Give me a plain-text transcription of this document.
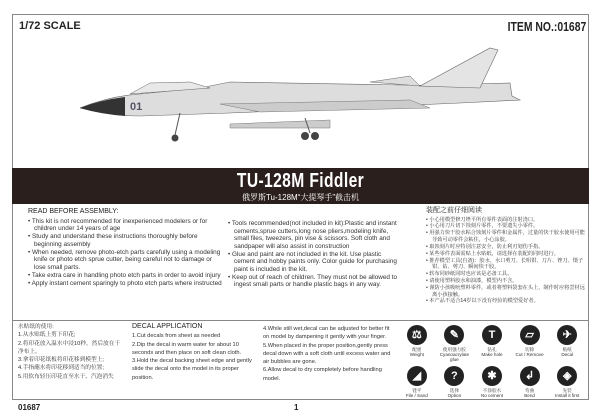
1/72 SCALE	ITEM NO.:01687
01
TU-128M Fiddler
俄罗斯Tu-128M“大提琴手”截击机
READ BEFORE ASSEMBLY:
• This kit is not recommended for inexperienced modelers or for children under 14 years of age
• Study and understand these instructions thoroughly before beginning assembly
• When needed, remove photo-etch parts carefully using a modeling knife or photo etch sprue cutter, being careful not to damage or lose small parts.
• Take extra care in handling photo etch parts in order to avoid injury
• Apply instant cement sparingly to photo etch parts where instructed
• Tools recommended(not included in kit):Plastic and instant cements,sprue cutters,long nose pliers,modeling knife, small files, tweezers, pin vise & scissors. Soft cloth and sandpaper will also assist in construction
• Glue and paint are not included in the kit. Use plastic cement and hobby paints only. Color guide for purchasing paint is included in the kit.
• Keep out of reach of children. They must not be allowed to ingest small parts or handle plastic bags in any way.
装配之前仔细阅读
• 小心用模型修刀锉平所有零件表面的注射浇口。
• 小心用刀片切下蚀刻片零件，不要遗失小零件。
• 用强力快干胶水粘合蚀刻片零件和金属件，过量的快干胶水使用可能导致可动零件会粘住，小心涂胶。
• 取蚀刻片时应特别注意安全，防止利刃划伤手指。
• 某些零件表面需贴上水贴纸，请选择在装配的同时进行。
• 推荐模型工具(自备)：胶水、水口剪刀、长咀钳、刀片、锉刀、镊子钳、钻、剪刀、瞬间快干胶。
• 软布同砂纸同时也应该是必备工具。
• 请使用塑料胶水和油漆，模型内不含。
• 谨防小孩吸吮塑料零件，或者将塑料袋套在头上，制作时应将尝材远离小孩接触。
• 本产品不适合14岁以下没有经验的模型爱好者。
水贴纸的使用:
1.从水贴纸上剪下印花;
2.将印花放入温水中浸10秒，然后放在干净布上。
3.拿着印花纸板将印花移到模型上;
4.手指蘸水将印花移到适当的位置;
5.用软布轻压印花直至水干、汽泡消失
DECAL APPLICATION
1.Cut decals from sheet as needed
2.Dip the decal in warm water for about 10 seconds and then place on soft clean cloth.
3.Hold the decal backing sheet edge and gently slide the decal onto the model in its proper position.
4.While still wet,decal can be adjusted for better fit on model by dampening it gently with your finger.
5.When placed in the proper position,gently press decal down with a soft cloth until excess water and air bubbles are gone.
6.Allow decal to dry completely before handling model.
⚖
配重
Weight
✎
使用强力胶
Cyanoacrylate glue
T
钻孔
Make hole
▱
切除
Cut / Remove
✈
贴纸
Decal
◢
锉平
File / Sand
?
选择
Option
✱
不涂胶水
No cement
↲
弯曲
Bend
◈
先装
Install it first
01687	1
